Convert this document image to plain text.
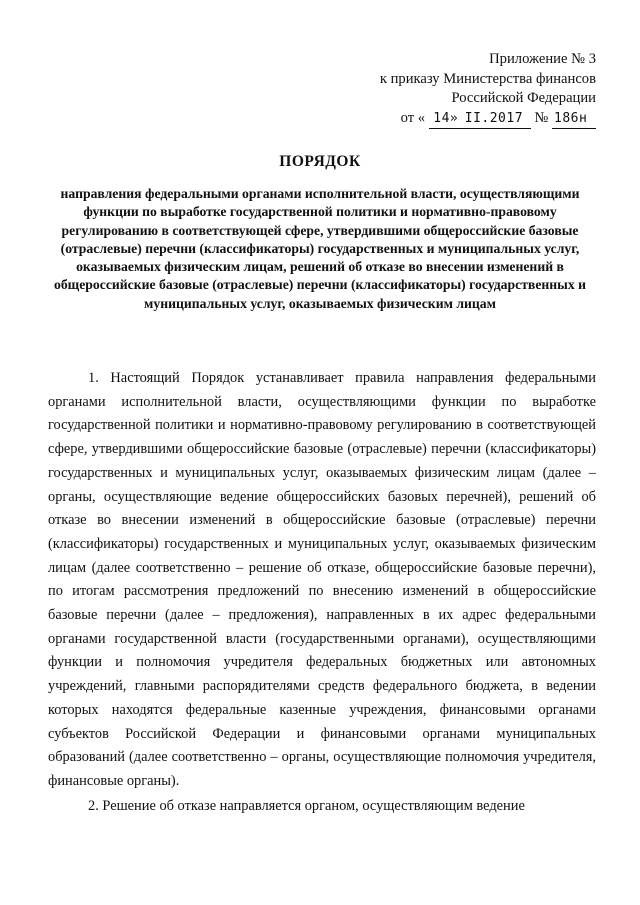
Приложение № 3
к приказу Министерства финансов
Российской Федерации
от « 14» II.2017 № 186н
ПОРЯДОК
направления федеральными органами исполнительной власти, осуществляющими функции по выработке государственной политики и нормативно-правовому регулированию в соответствующей сфере, утвердившими общероссийские базовые (отраслевые) перечни (классификаторы) государственных и муниципальных услуг, оказываемых физическим лицам, решений об отказе во внесении изменений в общероссийские базовые (отраслевые) перечни (классификаторы) государственных и муниципальных услуг, оказываемых физическим лицам

1. Настоящий Порядок устанавливает правила направления федеральными органами исполнительной власти, осуществляющими функции по выработке государственной политики и нормативно-правовому регулированию в соответствующей сфере, утвердившими общероссийские базовые (отраслевые) перечни (классификаторы) государственных и муниципальных услуг, оказываемых физическим лицам (далее – органы, осуществляющие ведение общероссийских базовых перечней), решений об отказе во внесении изменений в общероссийские базовые (отраслевые) перечни (классификаторы) государственных и муниципальных услуг, оказываемых физическим лицам (далее соответственно – решение об отказе, общероссийские базовые перечни), по итогам рассмотрения предложений по внесению изменений в общероссийские базовые перечни (далее – предложения), направленных в их адрес федеральными органами государственной власти (государственными органами), осуществляющими функции и полномочия учредителя федеральных бюджетных или автономных учреждений, главными распорядителями средств федерального бюджета, в ведении которых находятся федеральные казенные учреждения, финансовыми органами субъектов Российской Федерации и финансовыми органами муниципальных образований (далее соответственно – органы, осуществляющие полномочия учредителя, финансовые органы).

2. Решение об отказе направляется органом, осуществляющим ведение
